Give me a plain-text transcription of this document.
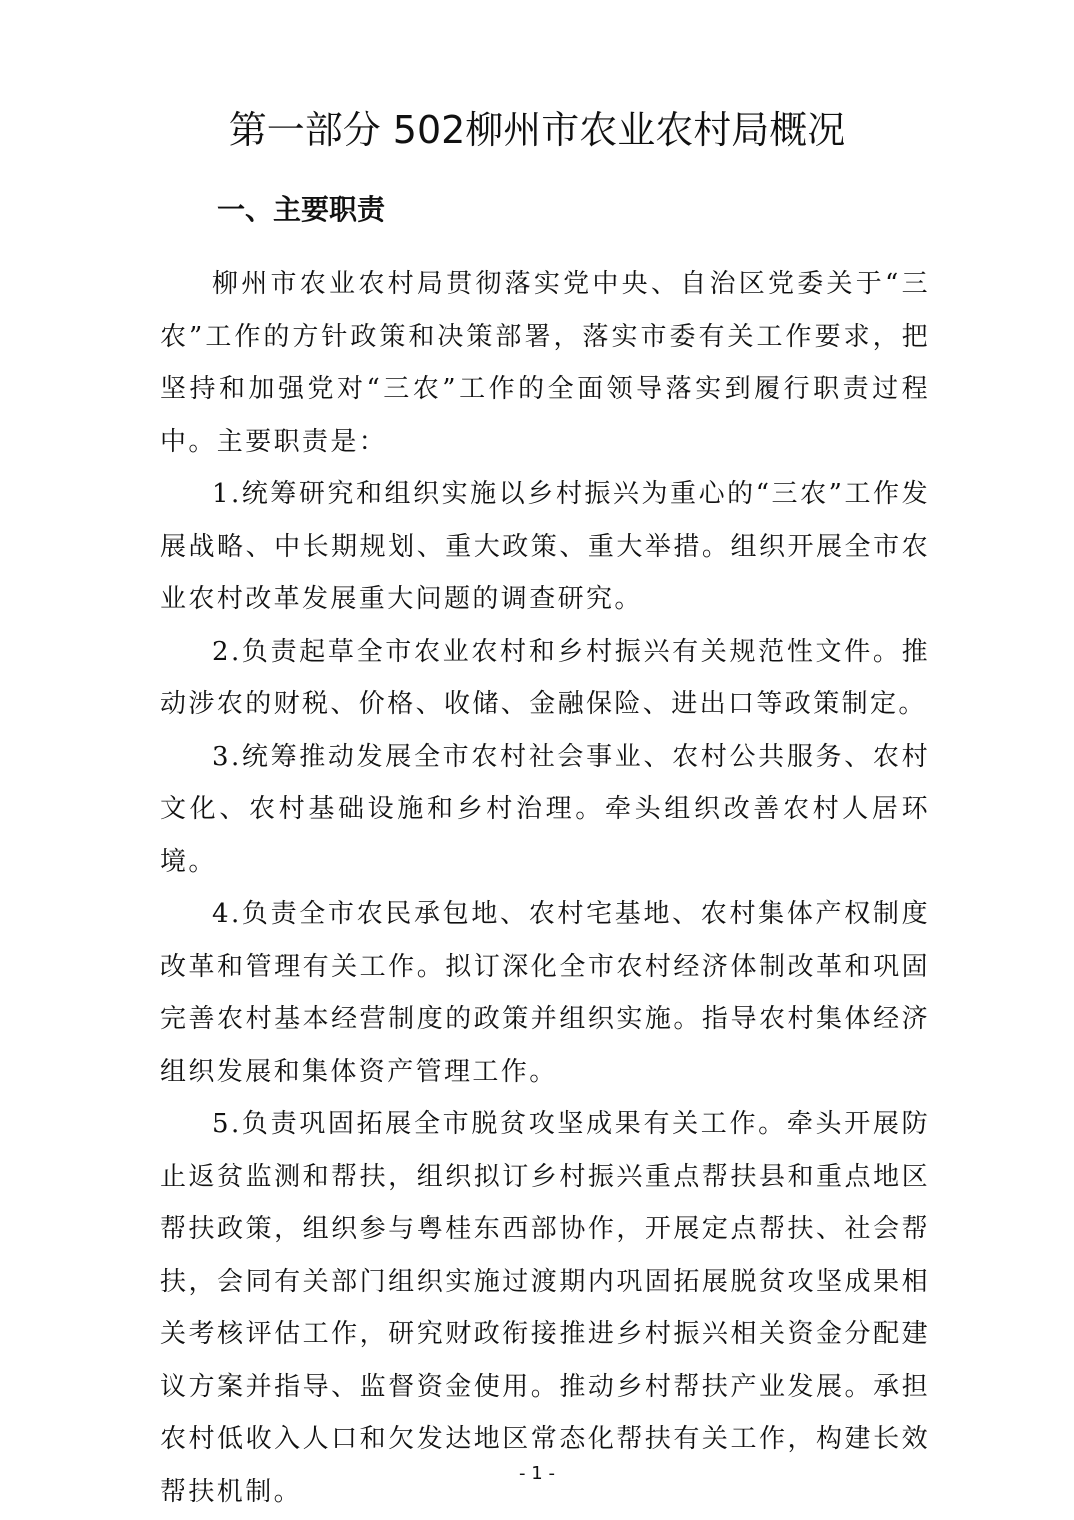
第一部分 502柳州市农业农村局概况
一、主要职责

柳州市农业农村局贯彻落实党中央、自治区党委关于“三农”工作的方针政策和决策部署，落实市委有关工作要求，把坚持和加强党对“三农”工作的全面领导落实到履行职责过程中。主要职责是：

1.统筹研究和组织实施以乡村振兴为重心的“三农”工作发展战略、中长期规划、重大政策、重大举措。组织开展全市农业农村改革发展重大问题的调查研究。

2.负责起草全市农业农村和乡村振兴有关规范性文件。推动涉农的财税、价格、收储、金融保险、进出口等政策制定。

3.统筹推动发展全市农村社会事业、农村公共服务、农村文化、农村基础设施和乡村治理。牵头组织改善农村人居环境。

4.负责全市农民承包地、农村宅基地、农村集体产权制度改革和管理有关工作。拟订深化全市农村经济体制改革和巩固完善农村基本经营制度的政策并组织实施。指导农村集体经济组织发展和集体资产管理工作。

5.负责巩固拓展全市脱贫攻坚成果有关工作。牵头开展防止返贫监测和帮扶，组织拟订乡村振兴重点帮扶县和重点地区帮扶政策，组织参与粤桂东西部协作，开展定点帮扶、社会帮扶，会同有关部门组织实施过渡期内巩固拓展脱贫攻坚成果相关考核评估工作，研究财政衔接推进乡村振兴相关资金分配建议方案并指导、监督资金使用。推动乡村帮扶产业发展。承担农村低收入人口和欠发达地区常态化帮扶有关工作，构建长效帮扶机制。

- 1 -
